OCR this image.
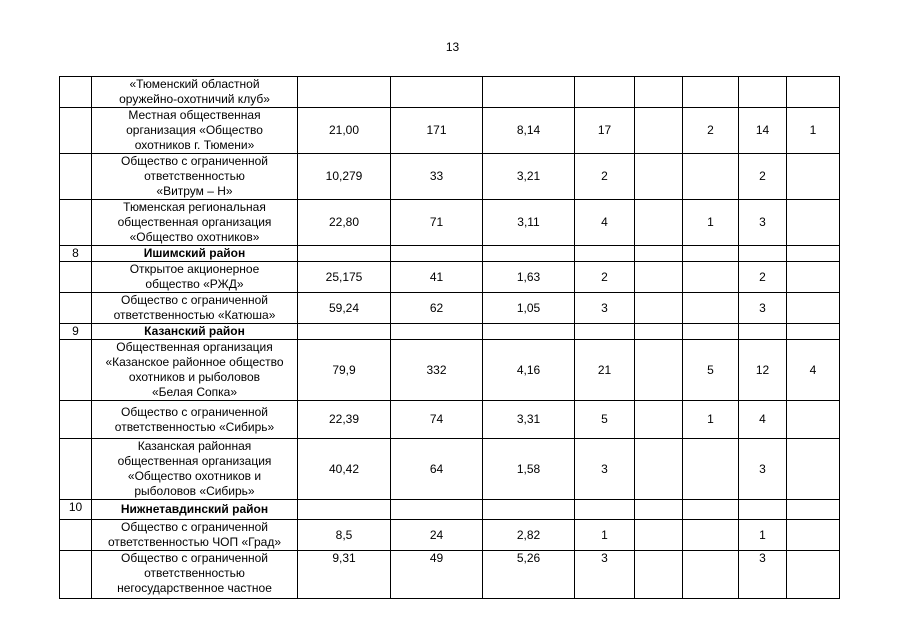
13

	«Тюменский областной
оружейно-охотничий клуб»								

	Местная общественная
организация «Общество
охотников г. Тюмени»	21,00	171	8,14	17		2	14	1

	Общество с ограниченной
ответственностью
«Витрум – Н»	10,279	33	3,21	2			2	

	Тюменская региональная
общественная организация
«Общество охотников»	22,80	71	3,11	4		1	3	
8	Ишимский район								

	Открытое акционерное
общество «РЖД»	25,175	41	1,63	2			2	

	Общество с ограниченной
ответственностью «Катюша»	59,24	62	1,05	3			3	
9	Казанский район								

	Общественная организация
«Казанское районное общество
охотников и рыболовов
«Белая Сопка»	79,9	332	4,16	21		5	12	4

	Общество с ограниченной
ответственностью «Сибирь»	22,39	74	3,31	5		1	4	

	Казанская районная
общественная организация
«Общество охотников и
рыболовов «Сибирь»	40,42	64	1,58	3			3	
10	Нижнетавдинский район								

	Общество с ограниченной
ответственностью ЧОП «Град»	8,5	24	2,82	1			1	

	Общество с ограниченной
ответственностью
негосударственное частное	9,31	49	5,26	3			3	
